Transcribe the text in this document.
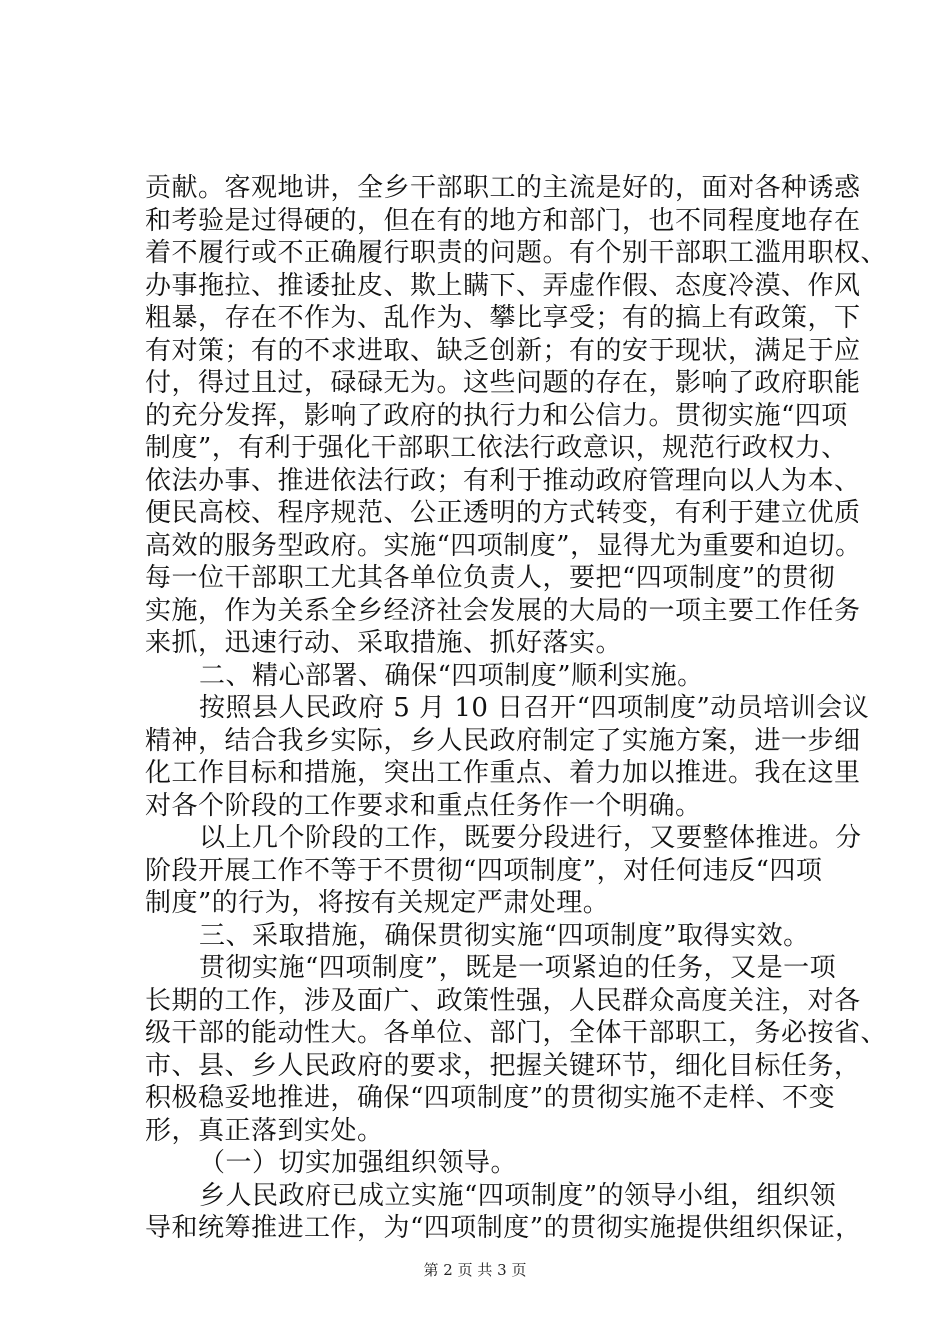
贡献。客观地讲，全乡干部职工的主流是好的，面对各种诱惑
和考验是过得硬的，但在有的地方和部门，也不同程度地存在
着不履行或不正确履行职责的问题。有个别干部职工滥用职权、
办事拖拉、推诿扯皮、欺上瞒下、弄虚作假、态度冷漠、作风
粗暴，存在不作为、乱作为、攀比享受；有的搞上有政策，下
有对策；有的不求进取、缺乏创新；有的安于现状，满足于应
付，得过且过，碌碌无为。这些问题的存在，影响了政府职能
的充分发挥，影响了政府的执行力和公信力。贯彻实施“四项
制度”，有利于强化干部职工依法行政意识，规范行政权力、
依法办事、推进依法行政；有利于推动政府管理向以人为本、
便民高校、程序规范、公正透明的方式转变，有利于建立优质
高效的服务型政府。实施“四项制度”，显得尤为重要和迫切。
每一位干部职工尤其各单位负责人，要把“四项制度”的贯彻
实施，作为关系全乡经济社会发展的大局的一项主要工作任务
来抓，迅速行动、采取措施、抓好落实。
二、精心部署、确保“四项制度”顺利实施。
按照县人民政府 5 月 10 日召开“四项制度”动员培训会议
精神，结合我乡实际，乡人民政府制定了实施方案，进一步细
化工作目标和措施，突出工作重点、着力加以推进。我在这里
对各个阶段的工作要求和重点任务作一个明确。
以上几个阶段的工作，既要分段进行，又要整体推进。分
阶段开展工作不等于不贯彻“四项制度”，对任何违反“四项
制度”的行为，将按有关规定严肃处理。
三、采取措施，确保贯彻实施“四项制度”取得实效。
贯彻实施“四项制度”，既是一项紧迫的任务，又是一项
长期的工作，涉及面广、政策性强，人民群众高度关注，对各
级干部的能动性大。各单位、部门，全体干部职工，务必按省、
市、县、乡人民政府的要求，把握关键环节，细化目标任务，
积极稳妥地推进，确保“四项制度”的贯彻实施不走样、不变
形，真正落到实处。
（一）切实加强组织领导。
乡人民政府已成立实施“四项制度”的领导小组，组织领
导和统筹推进工作，为“四项制度”的贯彻实施提供组织保证，
第 2 页 共 3 页
